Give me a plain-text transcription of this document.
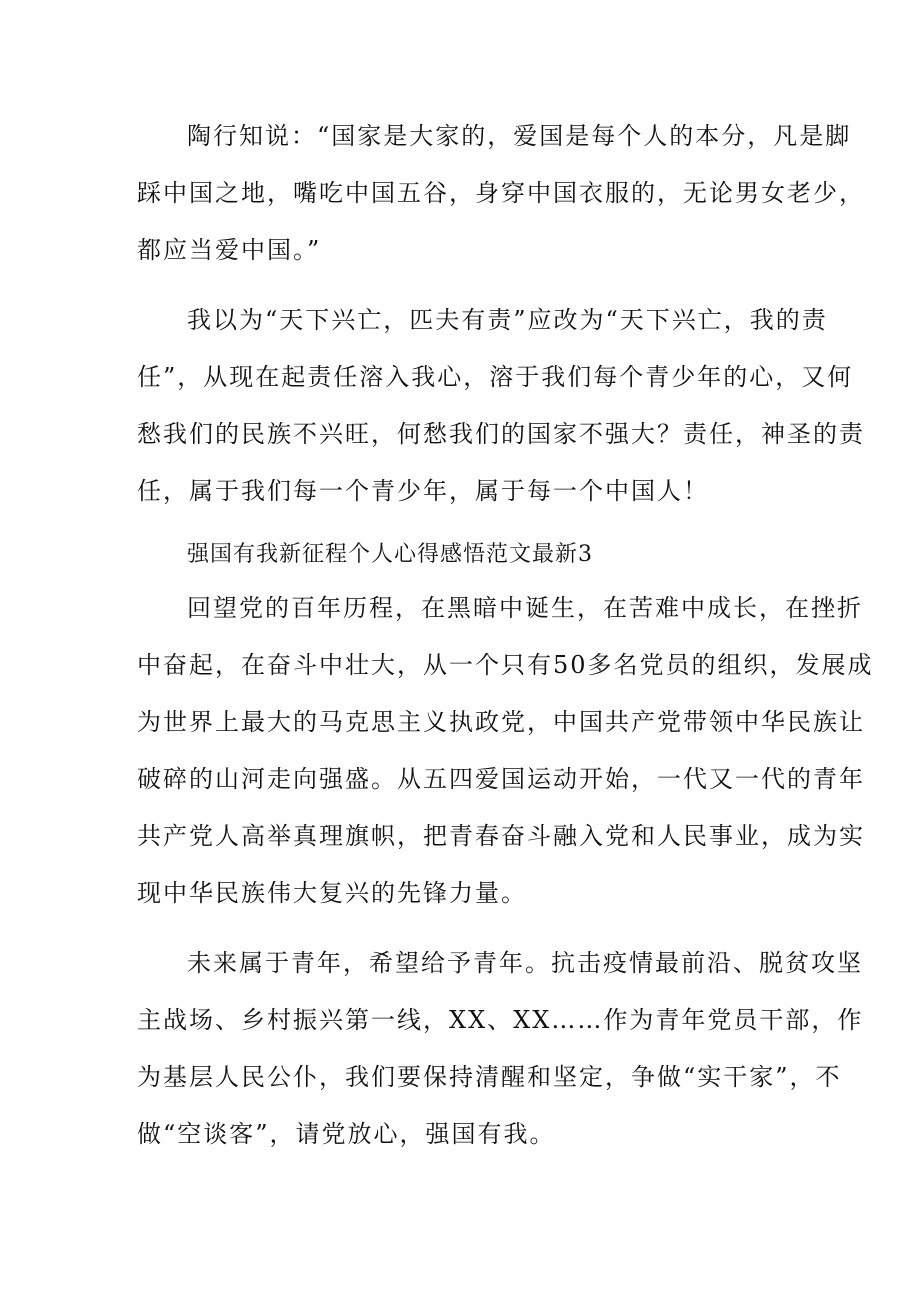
陶行知说：“国家是大家的，爱国是每个人的本分，凡是脚
踩中国之地，嘴吃中国五谷，身穿中国衣服的，无论男女老少，
都应当爱中国。”
我以为“天下兴亡，匹夫有责”应改为“天下兴亡，我的责
任”，从现在起责任溶入我心，溶于我们每个青少年的心，又何
愁我们的民族不兴旺，何愁我们的国家不强大？责任，神圣的责
任，属于我们每一个青少年，属于每一个中国人！
强国有我新征程个人心得感悟范文最新3
回望党的百年历程，在黑暗中诞生，在苦难中成长，在挫折
中奋起，在奋斗中壮大，从一个只有50多名党员的组织，发展成
为世界上最大的马克思主义执政党，中国共产党带领中华民族让
破碎的山河走向强盛。从五四爱国运动开始，一代又一代的青年
共产党人高举真理旗帜，把青春奋斗融入党和人民事业，成为实
现中华民族伟大复兴的先锋力量。
未来属于青年，希望给予青年。抗击疫情最前沿、脱贫攻坚
主战场、乡村振兴第一线，XX、XX……作为青年党员干部，作
为基层人民公仆，我们要保持清醒和坚定，争做“实干家”，不
做“空谈客”，请党放心，强国有我。
